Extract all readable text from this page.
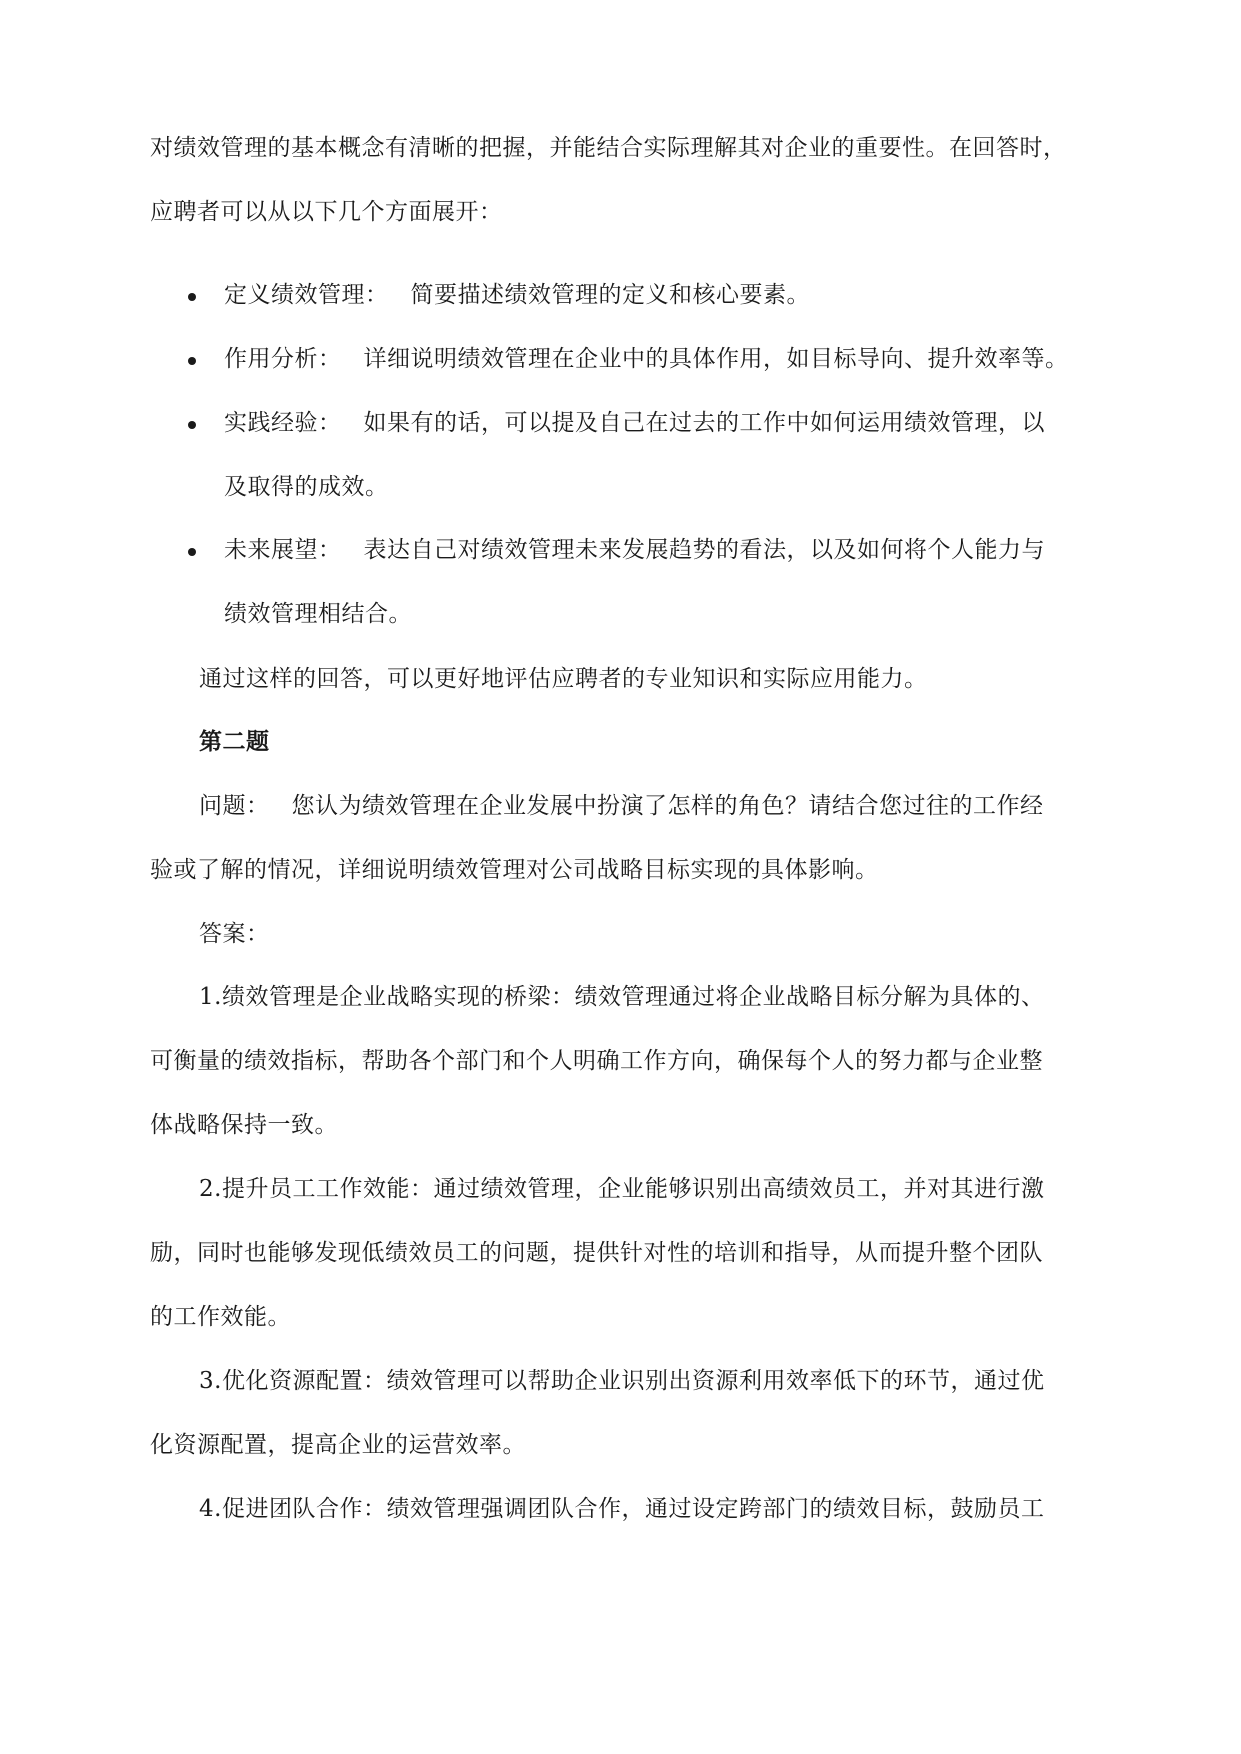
对绩效管理的基本概念有清晰的把握，并能结合实际理解其对企业的重要性。在回答时，
应聘者可以从以下几个方面展开：
定义绩效管理： 简要描述绩效管理的定义和核心要素。
作用分析： 详细说明绩效管理在企业中的具体作用，如目标导向、提升效率等。
实践经验： 如果有的话，可以提及自己在过去的工作中如何运用绩效管理，以
及取得的成效。
未来展望： 表达自己对绩效管理未来发展趋势的看法，以及如何将个人能力与
绩效管理相结合。
通过这样的回答，可以更好地评估应聘者的专业知识和实际应用能力。
第二题
问题： 您认为绩效管理在企业发展中扮演了怎样的角色？请结合您过往的工作经
验或了解的情况，详细说明绩效管理对公司战略目标实现的具体影响。
答案：
1.绩效管理是企业战略实现的桥梁：绩效管理通过将企业战略目标分解为具体的、
可衡量的绩效指标，帮助各个部门和个人明确工作方向，确保每个人的努力都与企业整
体战略保持一致。
2.提升员工工作效能：通过绩效管理，企业能够识别出高绩效员工，并对其进行激
励，同时也能够发现低绩效员工的问题，提供针对性的培训和指导，从而提升整个团队
的工作效能。
3.优化资源配置：绩效管理可以帮助企业识别出资源利用效率低下的环节，通过优
化资源配置，提高企业的运营效率。
4.促进团队合作：绩效管理强调团队合作，通过设定跨部门的绩效目标，鼓励员工
